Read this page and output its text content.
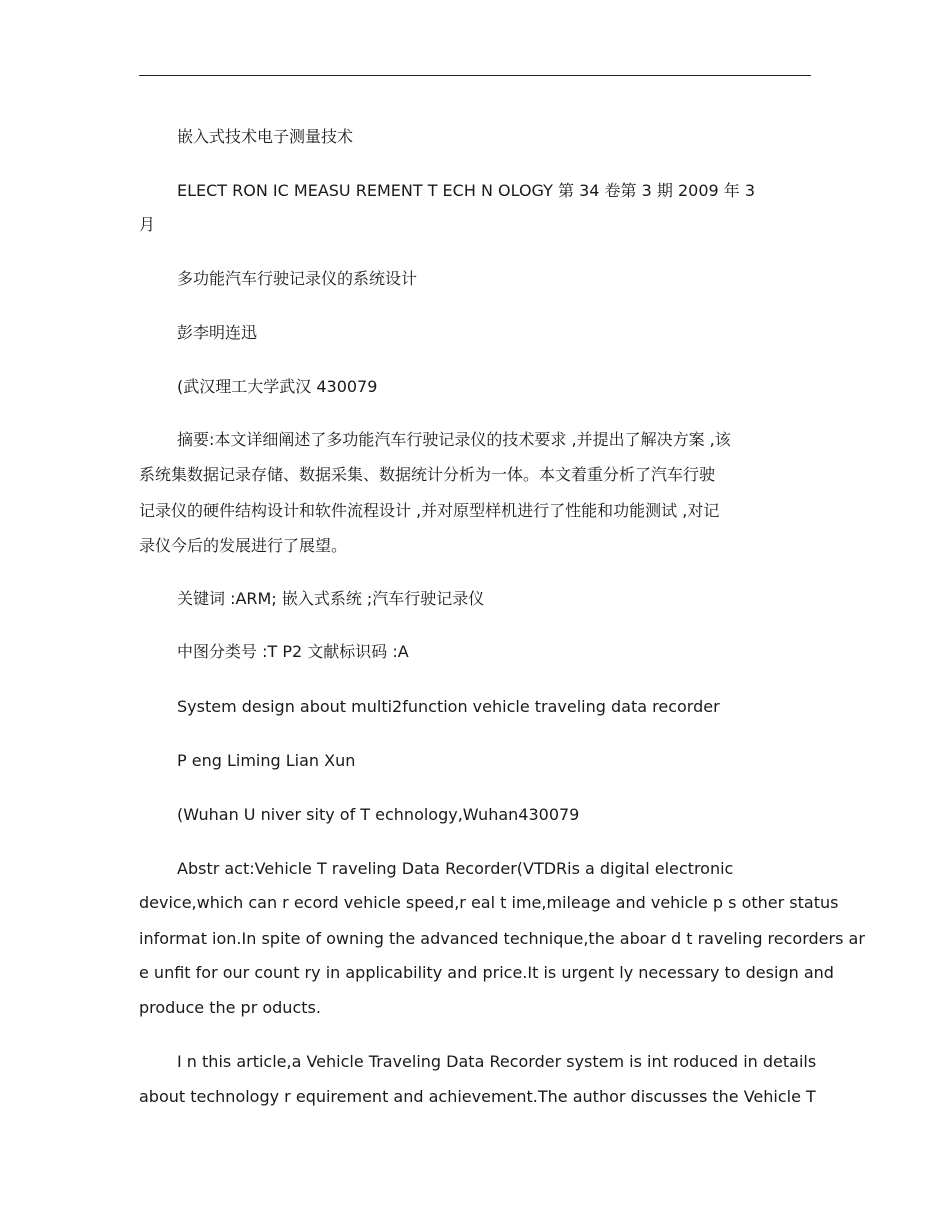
嵌入式技术电子测量技术
ELECT RON IC MEASU REMENT T ECH N OLOGY 第 34 卷第 3 期 2009 年 3
月
多功能汽车行驶记录仪的系统设计
彭李明连迅
(武汉理工大学武汉 430079
摘要:本文详细阐述了多功能汽车行驶记录仪的技术要求 ,并提出了解决方案 ,该
系统集数据记录存储、数据采集、数据统计分析为一体。本文着重分析了汽车行驶
记录仪的硬件结构设计和软件流程设计 ,并对原型样机进行了性能和功能测试 ,对记
录仪今后的发展进行了展望。
关键词 :ARM; 嵌入式系统 ;汽车行驶记录仪
中图分类号 :T P2 文献标识码 :A
System design about multi2function vehicle traveling data recorder
P eng Liming Lian Xun
(Wuhan U niver sity of T echnology,Wuhan430079
Abstr act:Vehicle T raveling Data Recorder(VTDRis a digital electronic
device,which can r ecord vehicle speed,r eal t ime,mileage and vehicle p s other status
informat ion.In spite of owning the advanced technique,the aboar d t raveling recorders ar
e unfit for our count ry in applicability and price.It is urgent ly necessary to design and
produce the pr oducts.
I n this article,a Vehicle Traveling Data Recorder system is int roduced in details
about technology r equirement and achievement.The author discusses the Vehicle T
